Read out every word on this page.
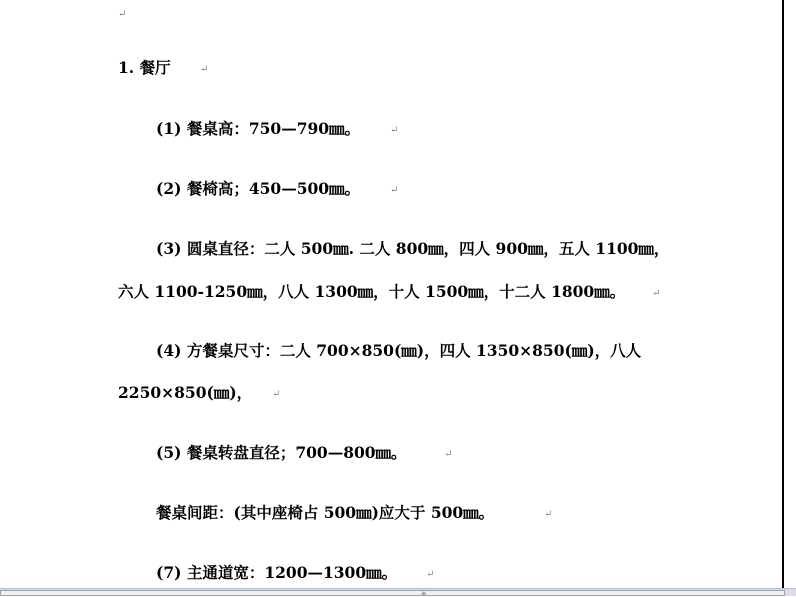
↵
1. 餐厅	↵
(1) 餐桌高：750—790㎜。	↵
(2) 餐椅高；450—500㎜。	↵
(3) 圆桌直径：二人 500㎜. 二人 800㎜，四人 900㎜，五人 1100㎜，
六人 1100-1250㎜，八人 1300㎜，十人 1500㎜，十二人 1800㎜。	↵
(4) 方餐桌尺寸：二人 700×850(㎜)，四人 1350×850(㎜)，八人
2250×850(㎜)， ↵
(5) 餐桌转盘直径；700—800㎜。	↵
餐桌间距：(其中座椅占 500㎜)应大于 500㎜。	↵
(7) 主通道宽：1200—1300㎜。	↵
≡
